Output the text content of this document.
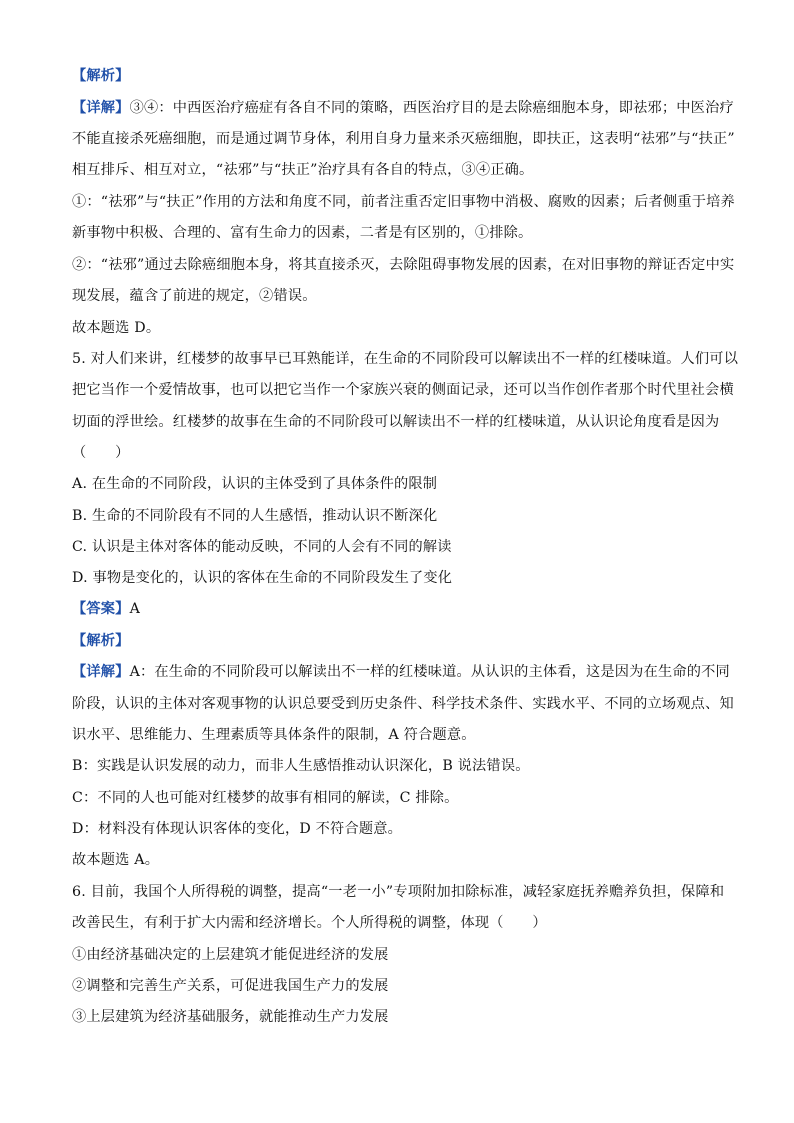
【解析】
【详解】③④：中西医治疗癌症有各自不同的策略，西医治疗目的是去除癌细胞本身，即祛邪；中医治疗
不能直接杀死癌细胞，而是通过调节身体，利用自身力量来杀灭癌细胞，即扶正，这表明“祛邪”与“扶正”
相互排斥、相互对立，“祛邪”与“扶正”治疗具有各自的特点，③④正确。
①：“祛邪”与“扶正”作用的方法和角度不同，前者注重否定旧事物中消极、腐败的因素；后者侧重于培养
新事物中积极、合理的、富有生命力的因素，二者是有区别的，①排除。
②：“祛邪”通过去除癌细胞本身，将其直接杀灭，去除阻碍事物发展的因素，在对旧事物的辩证否定中实
现发展，蕴含了前进的规定，②错误。
故本题选 D。
5. 对人们来讲，红楼梦的故事早已耳熟能详，在生命的不同阶段可以解读出不一样的红楼味道。人们可以
把它当作一个爱情故事，也可以把它当作一个家族兴衰的侧面记录，还可以当作创作者那个时代里社会横
切面的浮世绘。红楼梦的故事在生命的不同阶段可以解读出不一样的红楼味道，从认识论角度看是因为
（　　）
A. 在生命的不同阶段，认识的主体受到了具体条件的限制
B. 生命的不同阶段有不同的人生感悟，推动认识不断深化
C. 认识是主体对客体的能动反映，不同的人会有不同的解读
D. 事物是变化的，认识的客体在生命的不同阶段发生了变化
【答案】A
【解析】
【详解】A：在生命的不同阶段可以解读出不一样的红楼味道。从认识的主体看，这是因为在生命的不同
阶段，认识的主体对客观事物的认识总要受到历史条件、科学技术条件、实践水平、不同的立场观点、知
识水平、思维能力、生理素质等具体条件的限制，A 符合题意。
B：实践是认识发展的动力，而非人生感悟推动认识深化，B 说法错误。
C：不同的人也可能对红楼梦的故事有相同的解读，C 排除。
D：材料没有体现认识客体的变化，D 不符合题意。
故本题选 A。
6. 目前，我国个人所得税的调整，提高“一老一小”专项附加扣除标准，减轻家庭抚养赡养负担，保障和
改善民生，有利于扩大内需和经济增长。个人所得税的调整，体现（　　）
①由经济基础决定的上层建筑才能促进经济的发展
②调整和完善生产关系，可促进我国生产力的发展
③上层建筑为经济基础服务，就能推动生产力发展
